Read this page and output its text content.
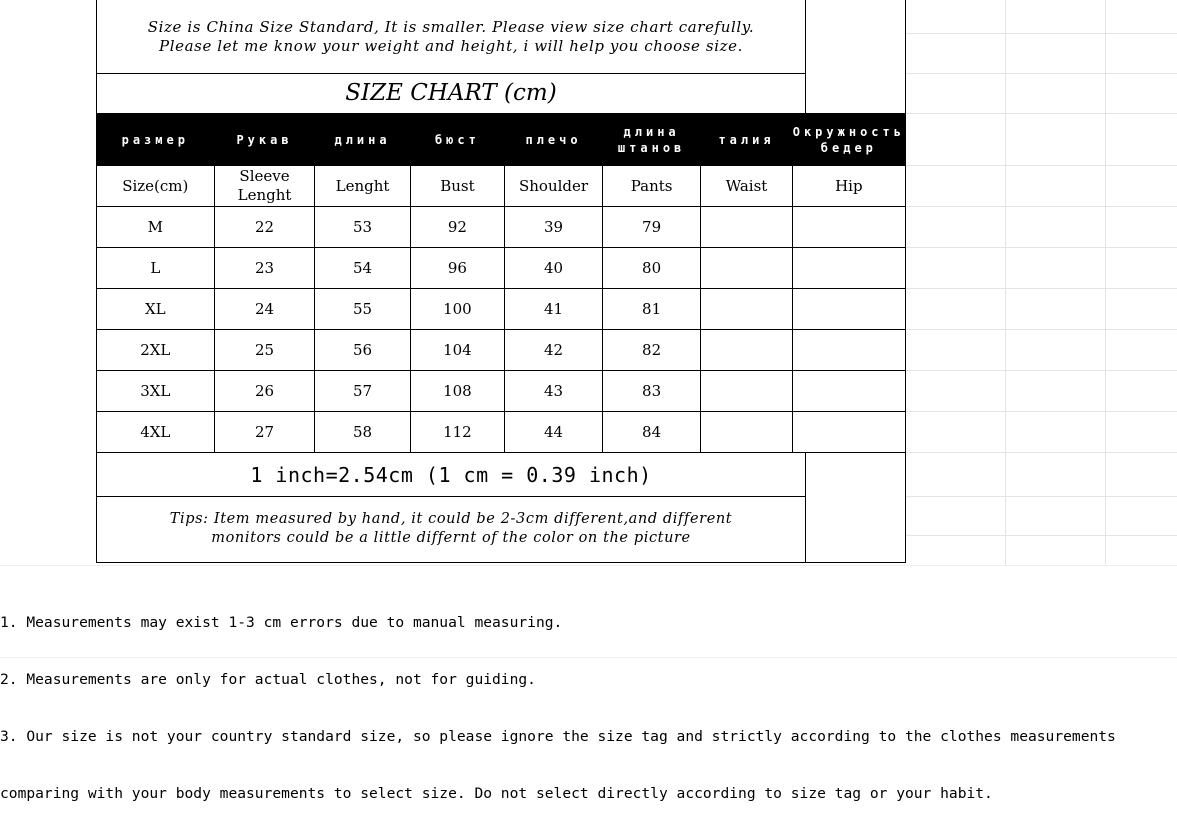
Size is China Size Standard, It is smaller. Please view size chart carefully.
Please let me know your weight and height, i will help you choose size.
SIZE CHART (cm)
размер	Рукав	длина	бюст	плечо	длина штанов	талия	Окружность бедер
Size(cm)	Sleeve Lenght	Lenght	Bust	Shoulder	Pants	Waist	Hip
M	22	53	92	39	79		
L	23	54	96	40	80		
XL	24	55	100	41	81		
2XL	25	56	104	42	82		
3XL	26	57	108	43	83		
4XL	27	58	112	44	84		
1 inch=2.54cm (1 cm = 0.39 inch)
Tips: Item measured by hand, it could be 2-3cm different,and different
monitors could be a little differnt of the color on the picture

1. Measurements may exist 1-3 cm errors due to manual measuring.

2. Measurements are only for actual clothes, not for guiding.

3. Our size is not your country standard size, so please ignore the size tag and strictly according to the clothes measurements

comparing with your body measurements to select size. Do not select directly according to size tag or your habit.
